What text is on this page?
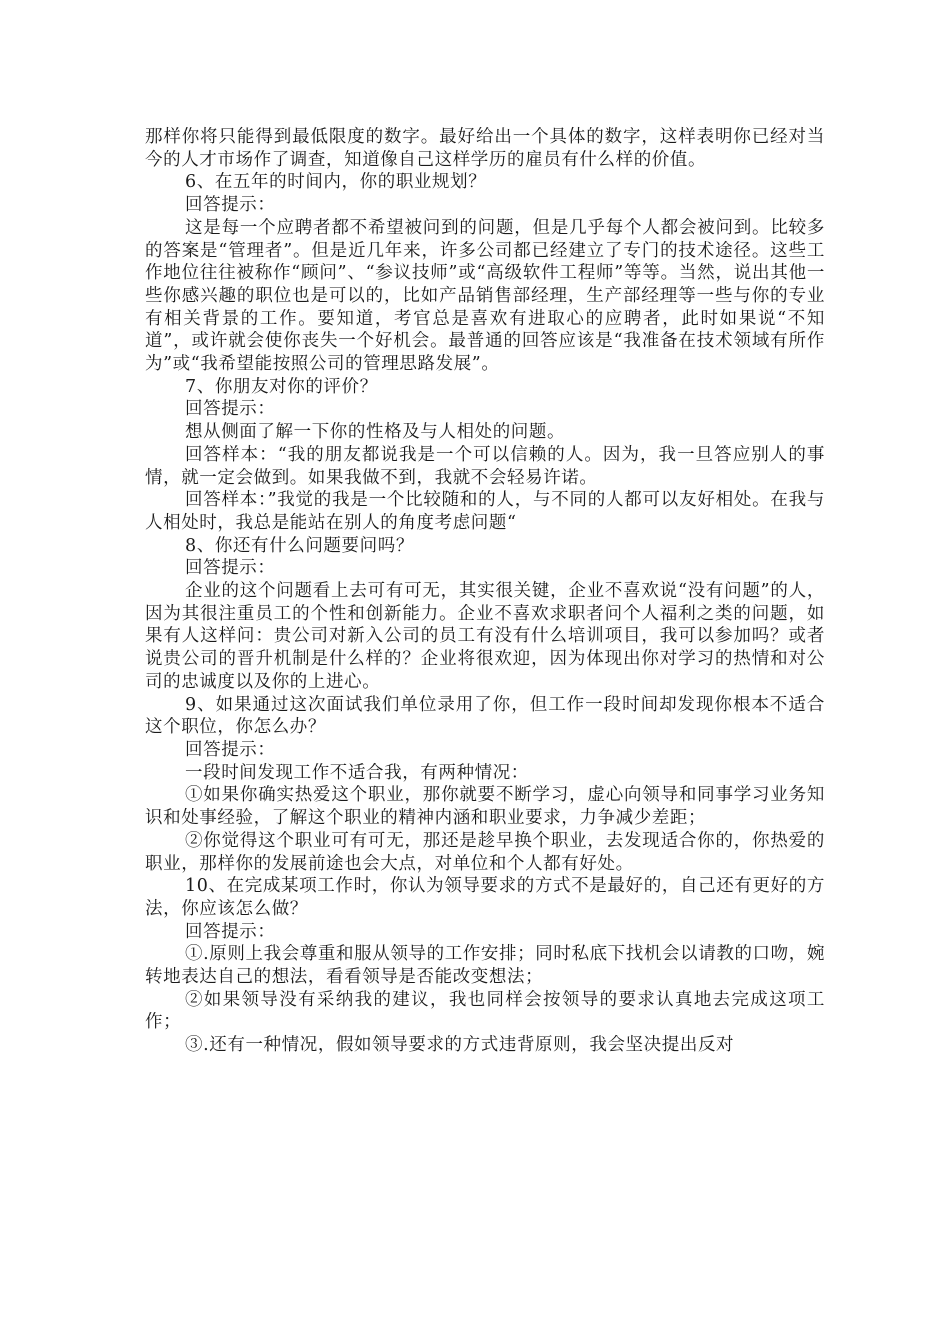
那样你将只能得到最低限度的数字。最好给出一个具体的数字，这样表明你已经对当今的人才市场作了调查，知道像自己这样学历的雇员有什么样的价值。

6、在五年的时间内，你的职业规划？

回答提示：

这是每一个应聘者都不希望被问到的问题，但是几乎每个人都会被问到。比较多的答案是“管理者”。但是近几年来，许多公司都已经建立了专门的技术途径。这些工作地位往往被称作“顾问”、“参议技师”或“高级软件工程师”等等。当然，说出其他一些你感兴趣的职位也是可以的，比如产品销售部经理，生产部经理等一些与你的专业有相关背景的工作。要知道，考官总是喜欢有进取心的应聘者，此时如果说“不知道”，或许就会使你丧失一个好机会。最普通的回答应该是“我准备在技术领域有所作为”或“我希望能按照公司的管理思路发展”。

7、你朋友对你的评价？

回答提示：

想从侧面了解一下你的性格及与人相处的问题。

回答样本：“我的朋友都说我是一个可以信赖的人。因为，我一旦答应别人的事情，就一定会做到。如果我做不到，我就不会轻易许诺。

回答样本：”我觉的我是一个比较随和的人，与不同的人都可以友好相处。在我与人相处时，我总是能站在别人的角度考虑问题“

8、你还有什么问题要问吗？

回答提示：

企业的这个问题看上去可有可无，其实很关键，企业不喜欢说“没有问题”的人，因为其很注重员工的个性和创新能力。企业不喜欢求职者问个人福利之类的问题，如果有人这样问：贵公司对新入公司的员工有没有什么培训项目，我可以参加吗？或者说贵公司的晋升机制是什么样的？企业将很欢迎，因为体现出你对学习的热情和对公司的忠诚度以及你的上进心。

9、如果通过这次面试我们单位录用了你，但工作一段时间却发现你根本不适合这个职位，你怎么办？

回答提示：

一段时间发现工作不适合我，有两种情况：

①如果你确实热爱这个职业，那你就要不断学习，虚心向领导和同事学习业务知识和处事经验，了解这个职业的精神内涵和职业要求，力争减少差距；

②你觉得这个职业可有可无，那还是趁早换个职业，去发现适合你的，你热爱的职业，那样你的发展前途也会大点，对单位和个人都有好处。

10、在完成某项工作时，你认为领导要求的方式不是最好的，自己还有更好的方法，你应该怎么做？

回答提示：

①.原则上我会尊重和服从领导的工作安排；同时私底下找机会以请教的口吻，婉转地表达自己的想法，看看领导是否能改变想法；

②如果领导没有采纳我的建议，我也同样会按领导的要求认真地去完成这项工作；

③.还有一种情况，假如领导要求的方式违背原则，我会坚决提出反对
